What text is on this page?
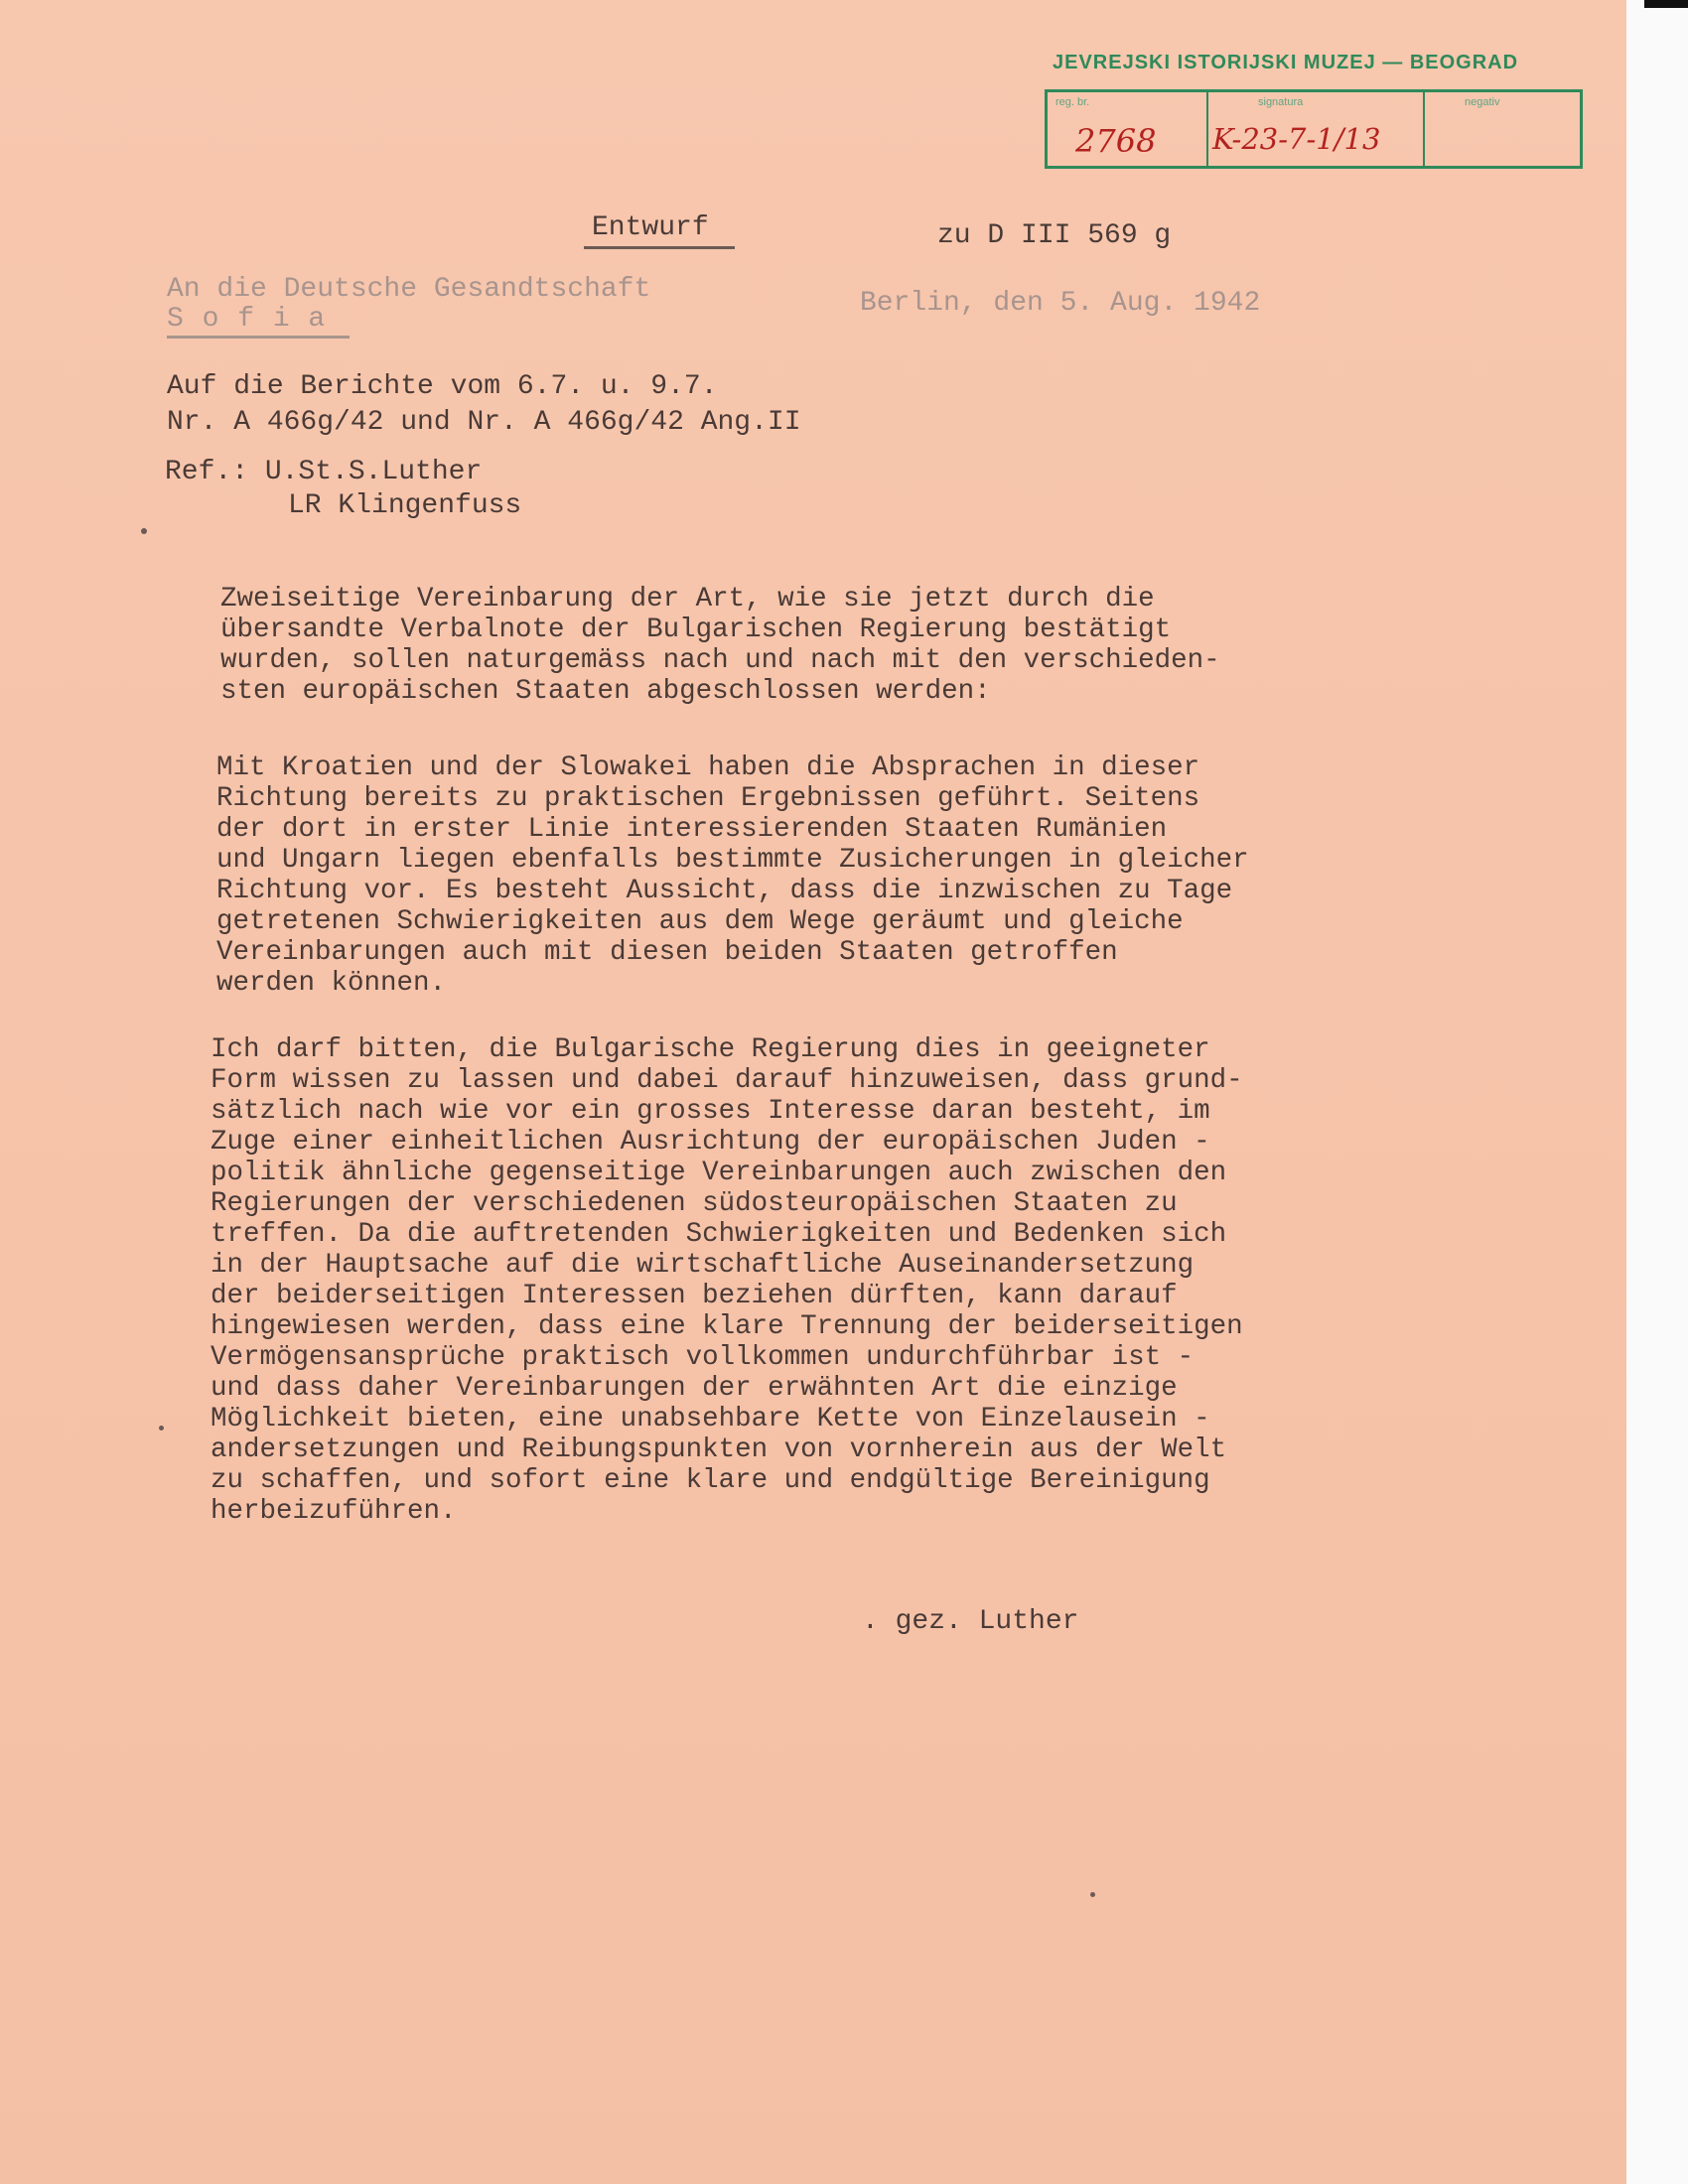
JEVREJSKI ISTORIJSKI MUZEJ — BEOGRAD
reg. br.
2768
signatura
K-23-7-1/13
negativ
Entwurf	zu D III 569 g
An die Deutsche Gesandtschaft
S o f i a
Berlin, den 5. Aug. 1942
Auf die Berichte vom 6.7. u. 9.7.
Nr. A 466g/42 und Nr. A 466g/42 Ang.II
Ref.: U.St.S.Luther
LR Klingenfuss
Zweiseitige Vereinbarung der Art, wie sie jetzt durch die
übersandte Verbalnote der Bulgarischen Regierung bestätigt
wurden, sollen naturgemäss nach und nach mit den verschieden-
sten europäischen Staaten abgeschlossen werden:
Mit Kroatien und der Slowakei haben die Absprachen in dieser
Richtung bereits zu praktischen Ergebnissen geführt. Seitens
der dort in erster Linie interessierenden Staaten Rumänien
und Ungarn liegen ebenfalls bestimmte Zusicherungen in gleicher
Richtung vor. Es besteht Aussicht, dass die inzwischen zu Tage
getretenen Schwierigkeiten aus dem Wege geräumt und gleiche
Vereinbarungen auch mit diesen beiden Staaten getroffen
werden können.
Ich darf bitten, die Bulgarische Regierung dies in geeigneter
Form wissen zu lassen und dabei darauf hinzuweisen, dass grund-
sätzlich nach wie vor ein grosses Interesse daran besteht, im
Zuge einer einheitlichen Ausrichtung der europäischen Juden -
politik ähnliche gegenseitige Vereinbarungen auch zwischen den
Regierungen der verschiedenen südosteuropäischen Staaten zu
treffen. Da die auftretenden Schwierigkeiten und Bedenken sich
in der Hauptsache auf die wirtschaftliche Auseinandersetzung
der beiderseitigen Interessen beziehen dürften, kann darauf
hingewiesen werden, dass eine klare Trennung der beiderseitigen
Vermögensansprüche praktisch vollkommen undurchführbar ist -
und dass daher Vereinbarungen der erwähnten Art die einzige
Möglichkeit bieten, eine unabsehbare Kette von Einzelausein -
andersetzungen und Reibungspunkten von vornherein aus der Welt
zu schaffen, und sofort eine klare und endgültige Bereinigung
herbeizuführen.
. gez. Luther
